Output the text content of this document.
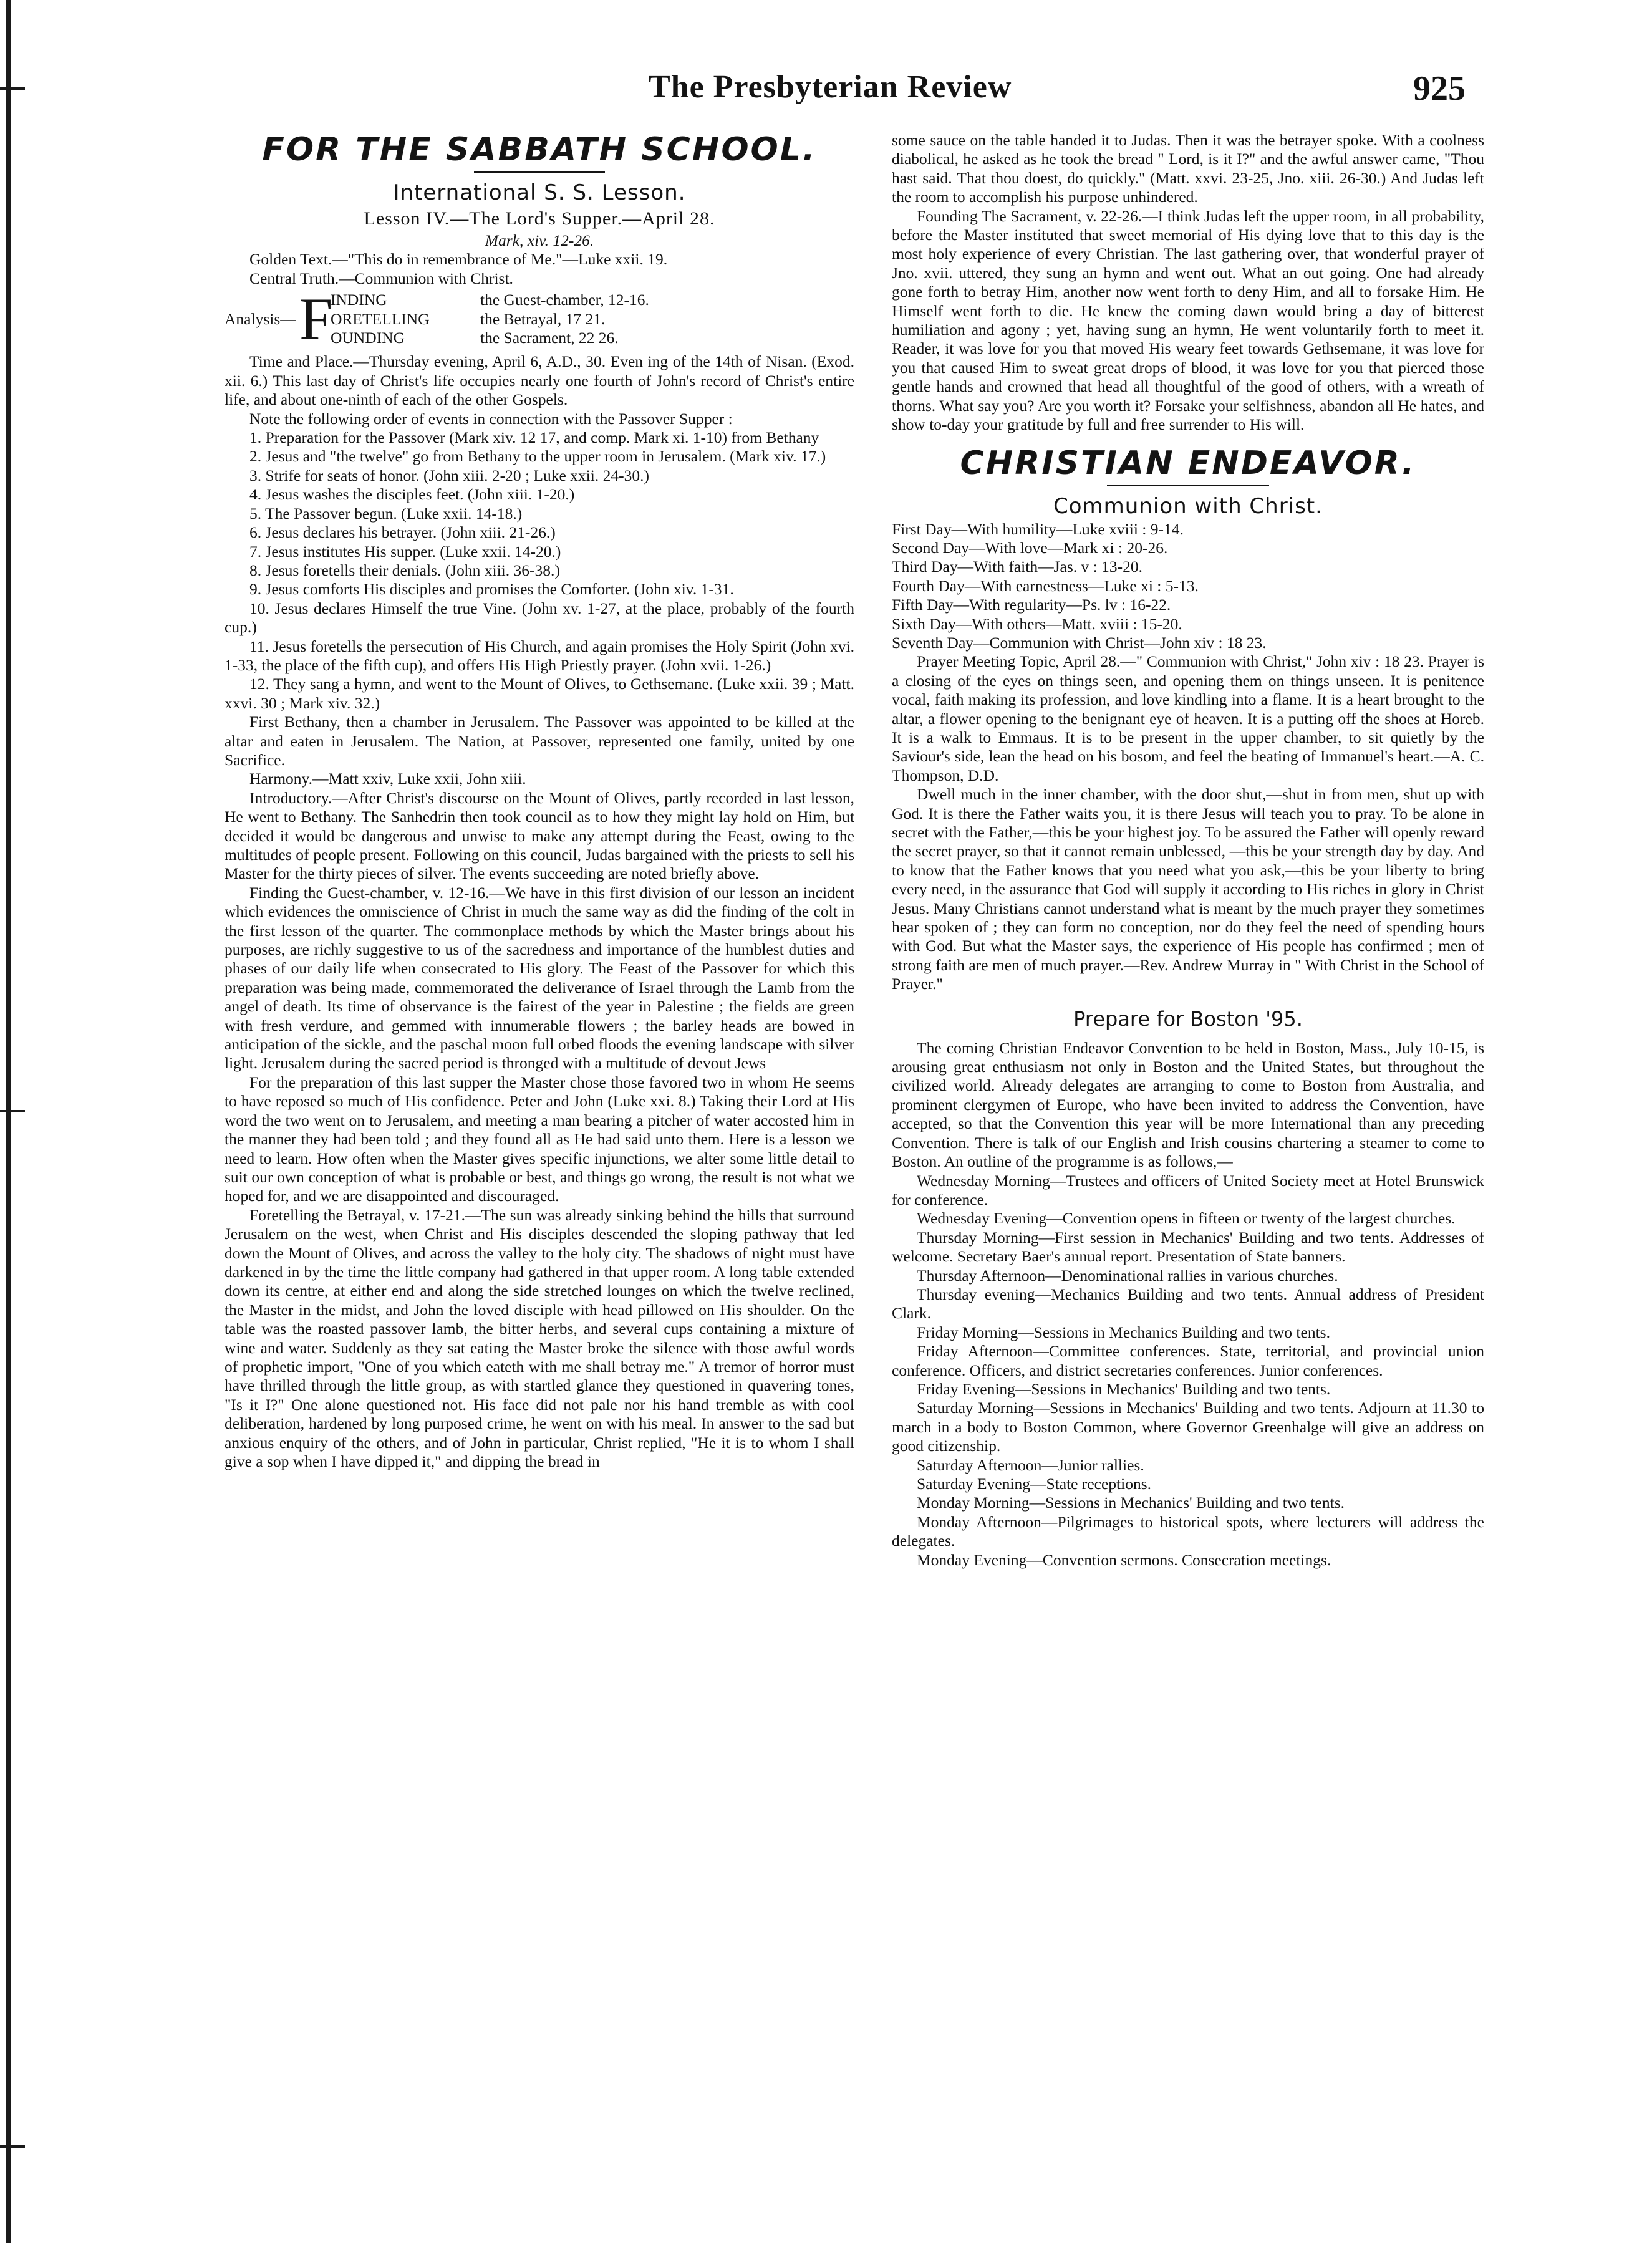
The Presbyterian Review	925
FOR THE SABBATH SCHOOL.
International S. S. Lesson.
Lesson IV.—The Lord's Supper.—April 28.
Mark, xiv. 12-26.

Golden Text.—"This do in remembrance of Me."—Luke xxii. 19.

Central Truth.—Communion with Christ.

Analysis— F
INDING	the Guest-chamber, 12-16.
ORETELLING	the Betrayal, 17 21.
OUNDING	the Sacrament, 22 26.

Time and Place.—Thursday evening, April 6, A.D., 30. Even ing of the 14th of Nisan. (Exod. xii. 6.) This last day of Christ's life occupies nearly one fourth of John's record of Christ's entire life, and about one-ninth of each of the other Gospels.

Note the following order of events in connection with the Passover Supper :

1. Preparation for the Passover (Mark xiv. 12 17, and comp. Mark xi. 1-10) from Bethany

2. Jesus and "the twelve" go from Bethany to the upper room in Jerusalem. (Mark xiv. 17.)

3. Strife for seats of honor. (John xiii. 2-20 ; Luke xxii. 24-30.)

4. Jesus washes the disciples feet. (John xiii. 1-20.)

5. The Passover begun. (Luke xxii. 14-18.)

6. Jesus declares his betrayer. (John xiii. 21-26.)

7. Jesus institutes His supper. (Luke xxii. 14-20.)

8. Jesus foretells their denials. (John xiii. 36-38.)

9. Jesus comforts His disciples and promises the Comforter. (John xiv. 1-31.

10. Jesus declares Himself the true Vine. (John xv. 1-27, at the place, probably of the fourth cup.)

11. Jesus foretells the persecution of His Church, and again promises the Holy Spirit (John xvi. 1-33, the place of the fifth cup), and offers His High Priestly prayer. (John xvii. 1-26.)

12. They sang a hymn, and went to the Mount of Olives, to Gethsemane. (Luke xxii. 39 ; Matt. xxvi. 30 ; Mark xiv. 32.)

First Bethany, then a chamber in Jerusalem. The Passover was appointed to be killed at the altar and eaten in Jerusalem. The Nation, at Passover, represented one family, united by one Sacrifice.

Harmony.—Matt xxiv, Luke xxii, John xiii.

Introductory.—After Christ's discourse on the Mount of Olives, partly recorded in last lesson, He went to Bethany. The Sanhedrin then took council as to how they might lay hold on Him, but decided it would be dangerous and unwise to make any attempt during the Feast, owing to the multitudes of people present. Following on this council, Judas bargained with the priests to sell his Master for the thirty pieces of silver. The events succeeding are noted briefly above.

Finding the Guest-chamber, v. 12-16.—We have in this first division of our lesson an incident which evidences the omniscience of Christ in much the same way as did the finding of the colt in the first lesson of the quarter. The commonplace methods by which the Master brings about his purposes, are richly suggestive to us of the sacredness and importance of the humblest duties and phases of our daily life when consecrated to His glory. The Feast of the Passover for which this preparation was being made, commemorated the deliverance of Israel through the Lamb from the angel of death. Its time of observance is the fairest of the year in Palestine ; the fields are green with fresh verdure, and gemmed with innumerable flowers ; the barley heads are bowed in anticipation of the sickle, and the paschal moon full orbed floods the evening landscape with silver light. Jerusalem during the sacred period is thronged with a multitude of devout Jews

For the preparation of this last supper the Master chose those favored two in whom He seems to have reposed so much of His confidence. Peter and John (Luke xxi. 8.) Taking their Lord at His word the two went on to Jerusalem, and meeting a man bearing a pitcher of water accosted him in the manner they had been told ; and they found all as He had said unto them. Here is a lesson we need to learn. How often when the Master gives specific injunctions, we alter some little detail to suit our own conception of what is probable or best, and things go wrong, the result is not what we hoped for, and we are disappointed and discouraged.

Foretelling the Betrayal, v. 17-21.—The sun was already sinking behind the hills that surround Jerusalem on the west, when Christ and His disciples descended the sloping pathway that led down the Mount of Olives, and across the valley to the holy city. The shadows of night must have darkened in by the time the little company had gathered in that upper room. A long table extended down its centre, at either end and along the side stretched lounges on which the twelve reclined, the Master in the midst, and John the loved disciple with head pillowed on His shoulder. On the table was the roasted passover lamb, the bitter herbs, and several cups containing a mixture of wine and water. Suddenly as they sat eating the Master broke the silence with those awful words of prophetic import, "One of you which eateth with me shall betray me." A tremor of horror must have thrilled through the little group, as with startled glance they questioned in quavering tones, "Is it I?" One alone questioned not. His face did not pale nor his hand tremble as with cool deliberation, hardened by long purposed crime, he went on with his meal. In answer to the sad but anxious enquiry of the others, and of John in particular, Christ replied, "He it is to whom I shall give a sop when I have dipped it," and dipping the bread in

some sauce on the table handed it to Judas. Then it was the betrayer spoke. With a coolness diabolical, he asked as he took the bread " Lord, is it I?" and the awful answer came, "Thou hast said. That thou doest, do quickly." (Matt. xxvi. 23-25, Jno. xiii. 26-30.) And Judas left the room to accomplish his purpose unhindered.

Founding The Sacrament, v. 22-26.—I think Judas left the upper room, in all probability, before the Master instituted that sweet memorial of His dying love that to this day is the most holy experience of every Christian. The last gathering over, that wonderful prayer of Jno. xvii. uttered, they sung an hymn and went out. What an out going. One had already gone forth to betray Him, another now went forth to deny Him, and all to forsake Him. He Himself went forth to die. He knew the coming dawn would bring a day of bitterest humiliation and agony ; yet, having sung an hymn, He went voluntarily forth to meet it. Reader, it was love for you that moved His weary feet towards Gethsemane, it was love for you that caused Him to sweat great drops of blood, it was love for you that pierced those gentle hands and crowned that head all thoughtful of the good of others, with a wreath of thorns. What say you? Are you worth it? Forsake your selfishness, abandon all He hates, and show to-day your gratitude by full and free surrender to His will.

CHRISTIAN ENDEAVOR.
Communion with Christ.

First Day—With humility—Luke xviii : 9-14.

Second Day—With love—Mark xi : 20-26.

Third Day—With faith—Jas. v : 13-20.

Fourth Day—With earnestness—Luke xi : 5-13.

Fifth Day—With regularity—Ps. lv : 16-22.

Sixth Day—With others—Matt. xviii : 15-20.

Seventh Day—Communion with Christ—John xiv : 18 23.

Prayer Meeting Topic, April 28.—" Communion with Christ," John xiv : 18 23. Prayer is a closing of the eyes on things seen, and opening them on things unseen. It is penitence vocal, faith making its profession, and love kindling into a flame. It is a heart brought to the altar, a flower opening to the benignant eye of heaven. It is a putting off the shoes at Horeb. It is a walk to Emmaus. It is to be present in the upper chamber, to sit quietly by the Saviour's side, lean the head on his bosom, and feel the beating of Immanuel's heart.—A. C. Thompson, D.D.

Dwell much in the inner chamber, with the door shut,—shut in from men, shut up with God. It is there the Father waits you, it is there Jesus will teach you to pray. To be alone in secret with the Father,—this be your highest joy. To be assured the Father will openly reward the secret prayer, so that it cannot remain unblessed, —this be your strength day by day. And to know that the Father knows that you need what you ask,—this be your liberty to bring every need, in the assurance that God will supply it according to His riches in glory in Christ Jesus. Many Christians cannot understand what is meant by the much prayer they sometimes hear spoken of ; they can form no conception, nor do they feel the need of spending hours with God. But what the Master says, the experience of His people has confirmed ; men of strong faith are men of much prayer.—Rev. Andrew Murray in " With Christ in the School of Prayer."

Prepare for Boston '95.

The coming Christian Endeavor Convention to be held in Boston, Mass., July 10-15, is arousing great enthusiasm not only in Boston and the United States, but throughout the civilized world. Already delegates are arranging to come to Boston from Australia, and prominent clergymen of Europe, who have been invited to address the Convention, have accepted, so that the Convention this year will be more International than any preceding Convention. There is talk of our English and Irish cousins chartering a steamer to come to Boston. An outline of the programme is as follows,—

Wednesday Morning—Trustees and officers of United Society meet at Hotel Brunswick for conference.

Wednesday Evening—Convention opens in fifteen or twenty of the largest churches.

Thursday Morning—First session in Mechanics' Building and two tents. Addresses of welcome. Secretary Baer's annual report. Presentation of State banners.

Thursday Afternoon—Denominational rallies in various churches.

Thursday evening—Mechanics Building and two tents. Annual address of President Clark.

Friday Morning—Sessions in Mechanics Building and two tents.

Friday Afternoon—Committee conferences. State, territorial, and provincial union conference. Officers, and district secretaries conferences. Junior conferences.

Friday Evening—Sessions in Mechanics' Building and two tents.

Saturday Morning—Sessions in Mechanics' Building and two tents. Adjourn at 11.30 to march in a body to Boston Common, where Governor Greenhalge will give an address on good citizenship.

Saturday Afternoon—Junior rallies.

Saturday Evening—State receptions.

Monday Morning—Sessions in Mechanics' Building and two tents.

Monday Afternoon—Pilgrimages to historical spots, where lecturers will address the delegates.

Monday Evening—Convention sermons. Consecration meetings.
